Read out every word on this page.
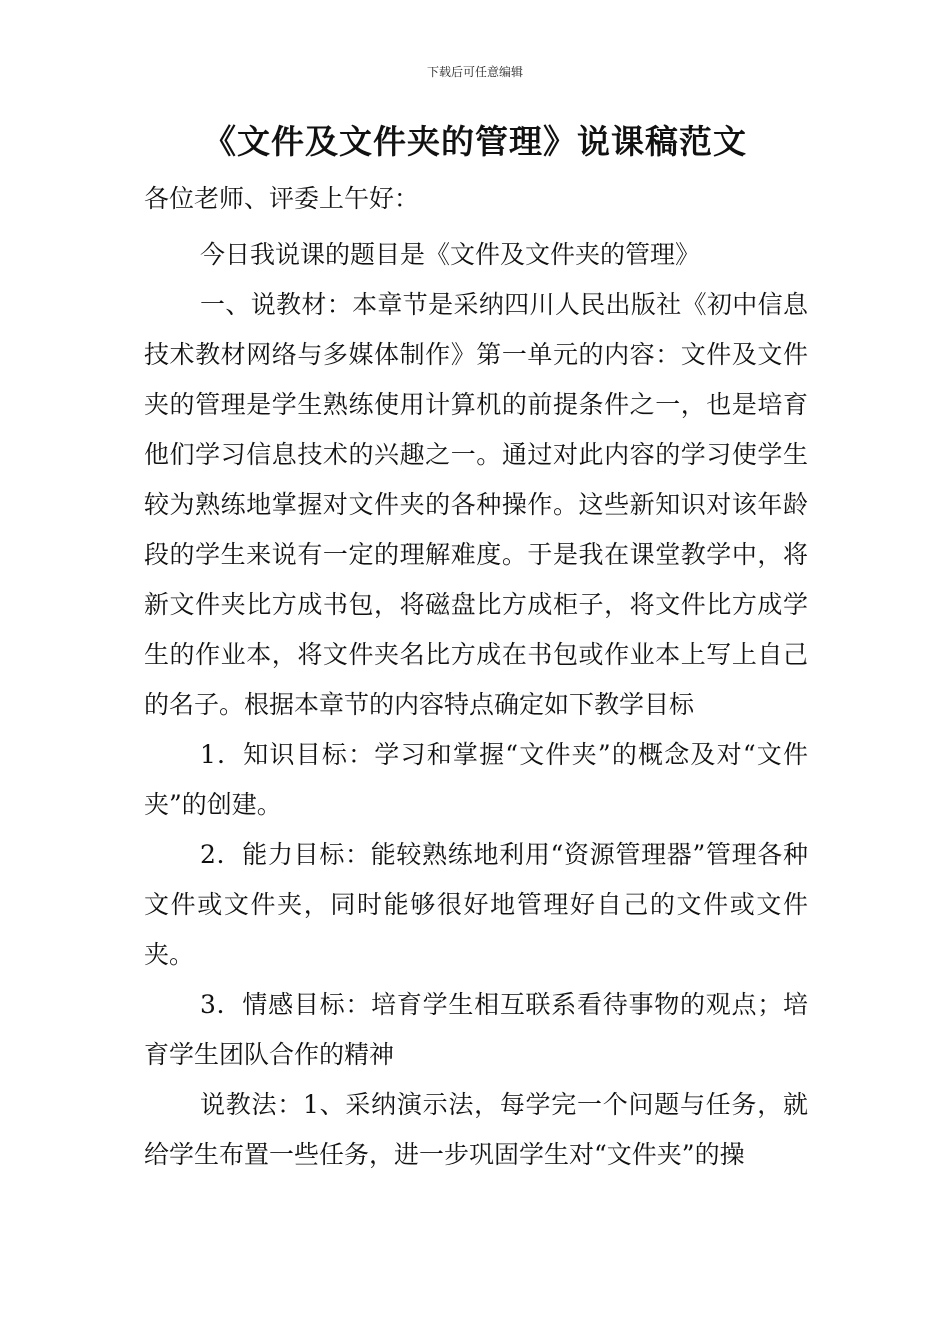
下载后可任意编辑
《文件及文件夹的管理》说课稿范文

各位老师、评委上午好：

今日我说课的题目是《文件及文件夹的管理》

一、说教材：本章节是采纳四川人民出版社《初中信息技术教材网络与多媒体制作》第一单元的内容：文件及文件夹的管理是学生熟练使用计算机的前提条件之一，也是培育他们学习信息技术的兴趣之一。通过对此内容的学习使学生较为熟练地掌握对文件夹的各种操作。这些新知识对该年龄段的学生来说有一定的理解难度。于是我在课堂教学中，将新文件夹比方成书包，将磁盘比方成柜子，将文件比方成学生的作业本，将文件夹名比方成在书包或作业本上写上自己的名子。根据本章节的内容特点确定如下教学目标

1．知识目标：学习和掌握“文件夹”的概念及对“文件夹”的创建。

2．能力目标：能较熟练地利用“资源管理器”管理各种文件或文件夹，同时能够很好地管理好自己的文件或文件夹。

3．情感目标：培育学生相互联系看待事物的观点；培育学生团队合作的精神

说教法：1、采纳演示法，每学完一个问题与任务，就给学生布置一些任务，进一步巩固学生对“文件夹”的操
